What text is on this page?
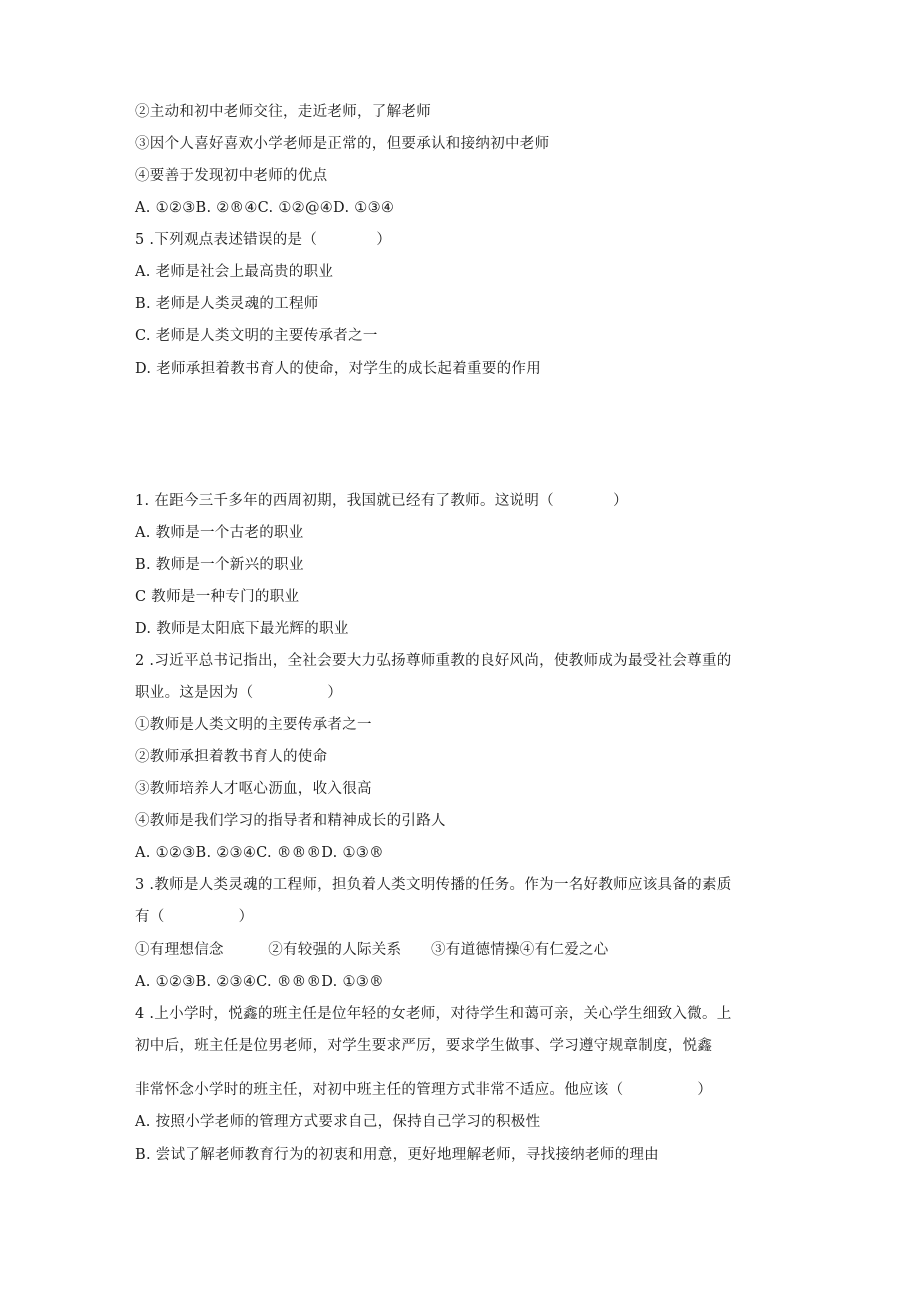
②主动和初中老师交往，走近老师，了解老师
③因个人喜好喜欢小学老师是正常的，但要承认和接纳初中老师
④要善于发现初中老师的优点
A. ①②③B. ②®④C. ①②@④D. ①③④
5 .下列观点表述错误的是（　　　　）
A. 老师是社会上最高贵的职业
B. 老师是人类灵魂的工程师
C. 老师是人类文明的主要传承者之一
D. 老师承担着教书育人的使命，对学生的成长起着重要的作用
1. 在距今三千多年的西周初期，我国就已经有了教师。这说明（　　　　）
A. 教师是一个古老的职业
B. 教师是一个新兴的职业
C 教师是一种专门的职业
D. 教师是太阳底下最光辉的职业
2 .习近平总书记指出，全社会要大力弘扬尊师重教的良好风尚，使教师成为最受社会尊重的
职业。这是因为（　　　　　）
①教师是人类文明的主要传承者之一
②教师承担着教书育人的使命
③教师培养人才呕心沥血，收入很高
④教师是我们学习的指导者和精神成长的引路人
A. ①②③B. ②③④C. ®®®D. ①③®
3 .教师是人类灵魂的工程师，担负着人类文明传播的任务。作为一名好教师应该具备的素质
有（　　　　　）
①有理想信念　　　②有较强的人际关系　　③有道德情操④有仁爱之心
A. ①②③B. ②③④C. ®®®D. ①③®
4 .上小学时，悦鑫的班主任是位年轻的女老师，对待学生和蔼可亲，关心学生细致入微。上
初中后，班主任是位男老师，对学生要求严厉，要求学生做事、学习遵守规章制度，悦鑫
非常怀念小学时的班主任，对初中班主任的管理方式非常不适应。他应该（　　　　　）
A. 按照小学老师的管理方式要求自己，保持自己学习的积极性
B. 尝试了解老师教育行为的初衷和用意，更好地理解老师，寻找接纳老师的理由
